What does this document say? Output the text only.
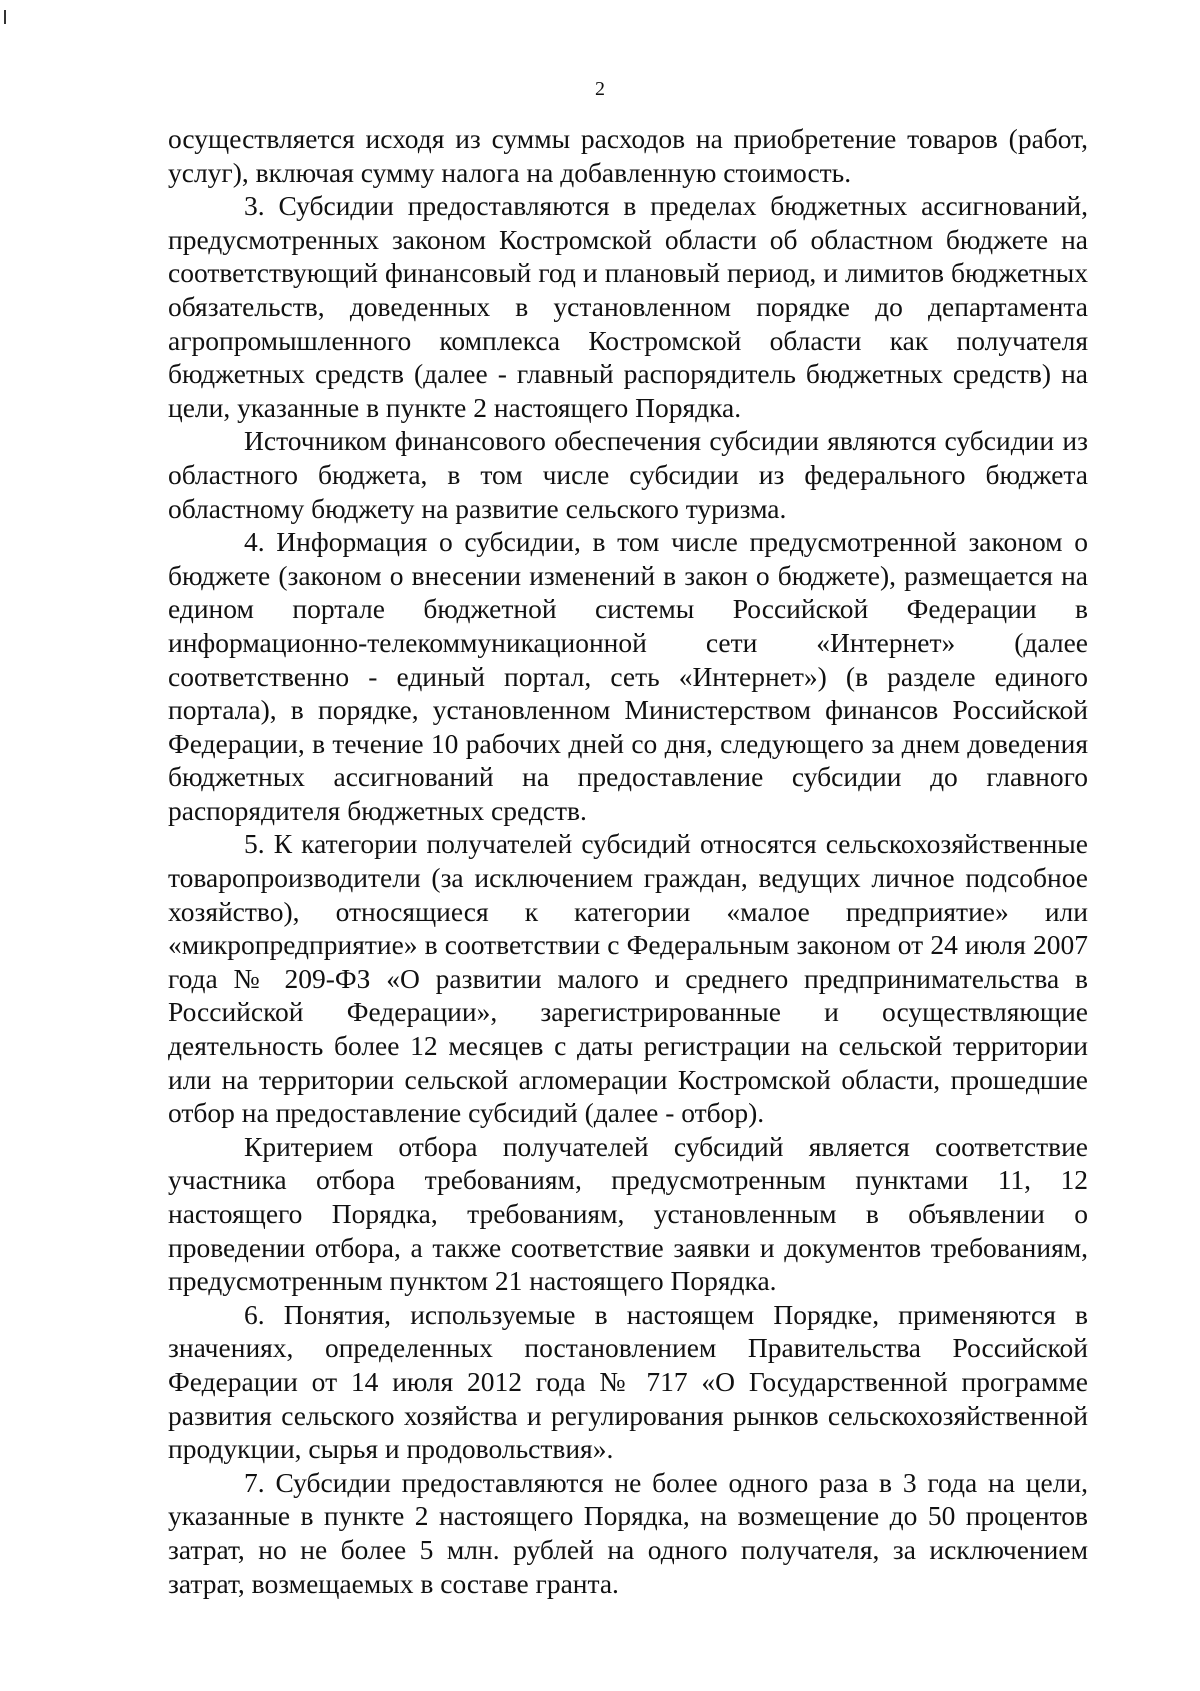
2

осуществляется исходя из суммы расходов на приобретение товаров (работ, услуг), включая сумму налога на добавленную стоимость.

3. Субсидии предоставляются в пределах бюджетных ассигнований, предусмотренных законом Костромской области об областном бюджете на соответствующий финансовый год и плановый период, и лимитов бюджетных обязательств, доведенных в установленном порядке до департамента агропромышленного комплекса Костромской области как получателя бюджетных средств (далее - главный распорядитель бюджетных средств) на цели, указанные в пункте 2 настоящего Порядка.

Источником финансового обеспечения субсидии являются субсидии из областного бюджета, в том числе субсидии из федерального бюджета областному бюджету на развитие сельского туризма.

4. Информация о субсидии, в том числе предусмотренной законом о бюджете (законом о внесении изменений в закон о бюджете), размещается на едином портале бюджетной системы Российской Федерации в информационно-телекоммуникационной сети «Интернет» (далее соответственно - единый портал, сеть «Интернет») (в разделе единого портала), в порядке, установленном Министерством финансов Российской Федерации, в течение 10 рабочих дней со дня, следующего за днем доведения бюджетных ассигнований на предоставление субсидии до главного распорядителя бюджетных средств.

5. К категории получателей субсидий относятся сельскохозяйственные товаропроизводители (за исключением граждан, ведущих личное подсобное хозяйство), относящиеся к категории «малое предприятие» или «микропредприятие» в соответствии с Федеральным законом от 24 июля 2007 года № 209-ФЗ «О развитии малого и среднего предпринимательства в Российской Федерации», зарегистрированные и осуществляющие деятельность более 12 месяцев с даты регистрации на сельской территории или на территории сельской агломерации Костромской области, прошедшие отбор на предоставление субсидий (далее - отбор).

Критерием отбора получателей субсидий является соответствие участника отбора требованиям, предусмотренным пунктами 11, 12 настоящего Порядка, требованиям, установленным в объявлении о проведении отбора, а также соответствие заявки и документов требованиям, предусмотренным пунктом 21 настоящего Порядка.

6. Понятия, используемые в настоящем Порядке, применяются в значениях, определенных постановлением Правительства Российской Федерации от 14 июля 2012 года № 717 «О Государственной программе развития сельского хозяйства и регулирования рынков сельскохозяйственной продукции, сырья и продовольствия».

7. Субсидии предоставляются не более одного раза в 3 года на цели, указанные в пункте 2 настоящего Порядка, на возмещение до 50 процентов затрат, но не более 5 млн. рублей на одного получателя, за исключением затрат, возмещаемых в составе гранта.
